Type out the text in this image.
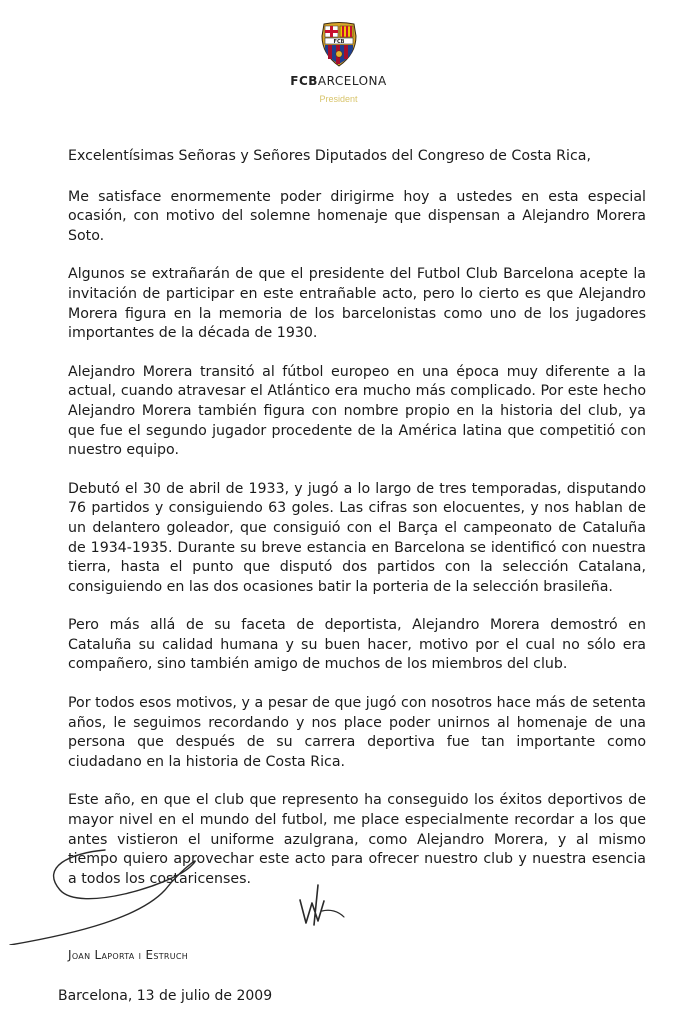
FCB
FCBARCELONA
President

Excelentísimas Señoras y Señores Diputados del Congreso de Costa Rica,

Me satisface enormemente poder dirigirme hoy a ustedes en esta especial ocasión, con motivo del solemne homenaje que dispensan a Alejandro Morera Soto.

Algunos se extrañarán de que el presidente del Futbol Club Barcelona acepte la invitación de participar en este entrañable acto, pero lo cierto es que Alejandro Morera figura en la memoria de los barcelonistas como uno de los jugadores importantes de la década de 1930.

Alejandro Morera transitó al fútbol europeo en una época muy diferente a la actual, cuando atravesar el Atlántico era mucho más complicado. Por este hecho Alejandro Morera también figura con nombre propio en la historia del club, ya que fue el segundo jugador procedente de la América latina que competitió con nuestro equipo.

Debutó el 30 de abril de 1933, y jugó a lo largo de tres temporadas, disputando 76 partidos y consiguiendo 63 goles. Las cifras son elocuentes, y nos hablan de un delantero goleador, que consiguió con el Barça el campeonato de Cataluña de 1934-1935. Durante su breve estancia en Barcelona se identificó con nuestra tierra, hasta el punto que disputó dos partidos con la selección Catalana, consiguiendo en las dos ocasiones batir la porteria de la selección brasileña.

Pero más allá de su faceta de deportista, Alejandro Morera demostró en Cataluña su calidad humana y su buen hacer, motivo por el cual no sólo era compañero, sino también amigo de muchos de los miembros del club.

Por todos esos motivos, y a pesar de que jugó con nosotros hace más de setenta años, le seguimos recordando y nos place poder unirnos al homenaje de una persona que después de su carrera deportiva fue tan importante como ciudadano en la historia de Costa Rica.

Este año, en que el club que represento ha conseguido los éxitos deportivos de mayor nivel en el mundo del futbol, me place especialmente recordar a los que antes vistieron el uniforme azulgrana, como Alejandro Morera, y al mismo tiempo quiero aprovechar este acto para ofrecer nuestro club y nuestra esencia a todos los costaricenses.

Joan Laporta i Estruch
Barcelona, 13 de julio de 2009
